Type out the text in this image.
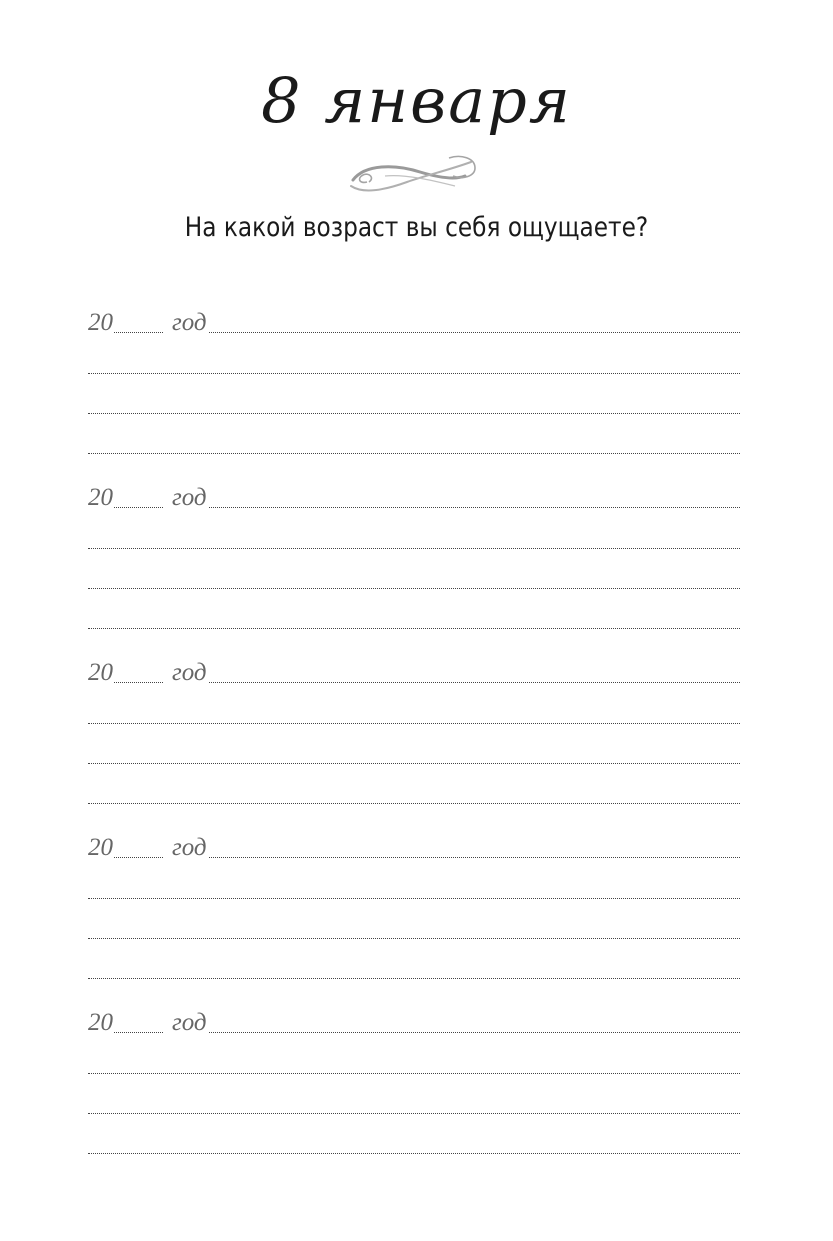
8 января
На какой возраст вы себя ощущаете?
20 год
20 год
20 год
20 год
20 год
